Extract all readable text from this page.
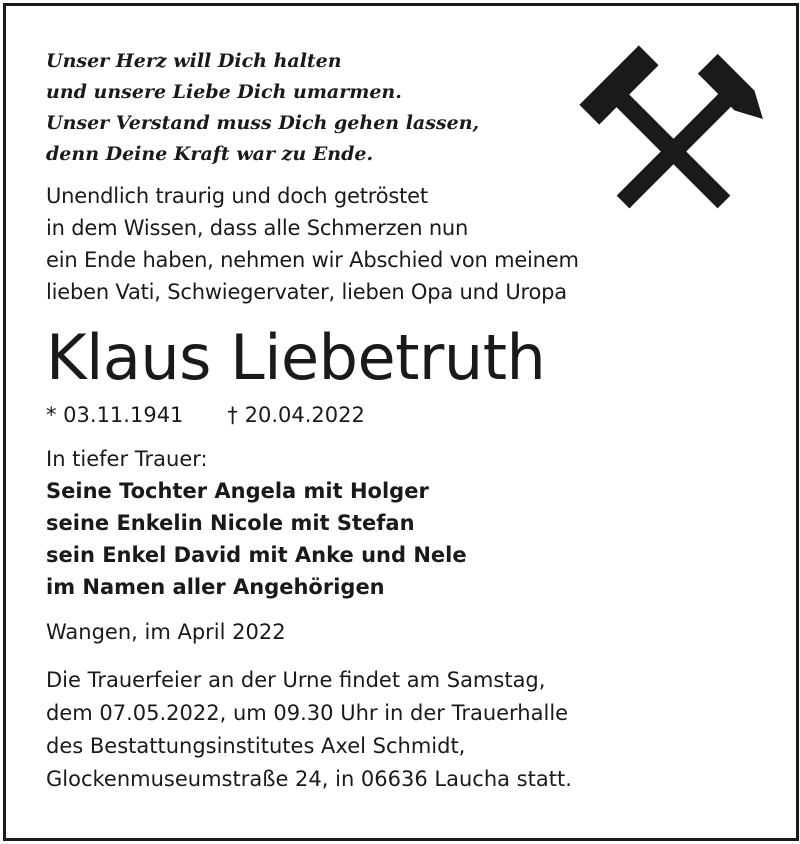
Unser Herz will Dich halten
und unsere Liebe Dich umarmen.
Unser Verstand muss Dich gehen lassen,
denn Deine Kraft war zu Ende.
Unendlich traurig und doch getröstet
in dem Wissen, dass alle Schmerzen nun
ein Ende haben, nehmen wir Abschied von meinem
lieben Vati, Schwiegervater, lieben Opa und Uropa
Klaus Liebetruth
* 03.11.1941 † 20.04.2022
In tiefer Trauer:
Seine Tochter Angela mit Holger
seine Enkelin Nicole mit Stefan
sein Enkel David mit Anke und Nele
im Namen aller Angehörigen
Wangen, im April 2022
Die Trauerfeier an der Urne findet am Samstag,
dem 07.05.2022, um 09.30 Uhr in der Trauerhalle
des Bestattungsinstitutes Axel Schmidt,
Glockenmuseumstraße 24, in 06636 Laucha statt.
